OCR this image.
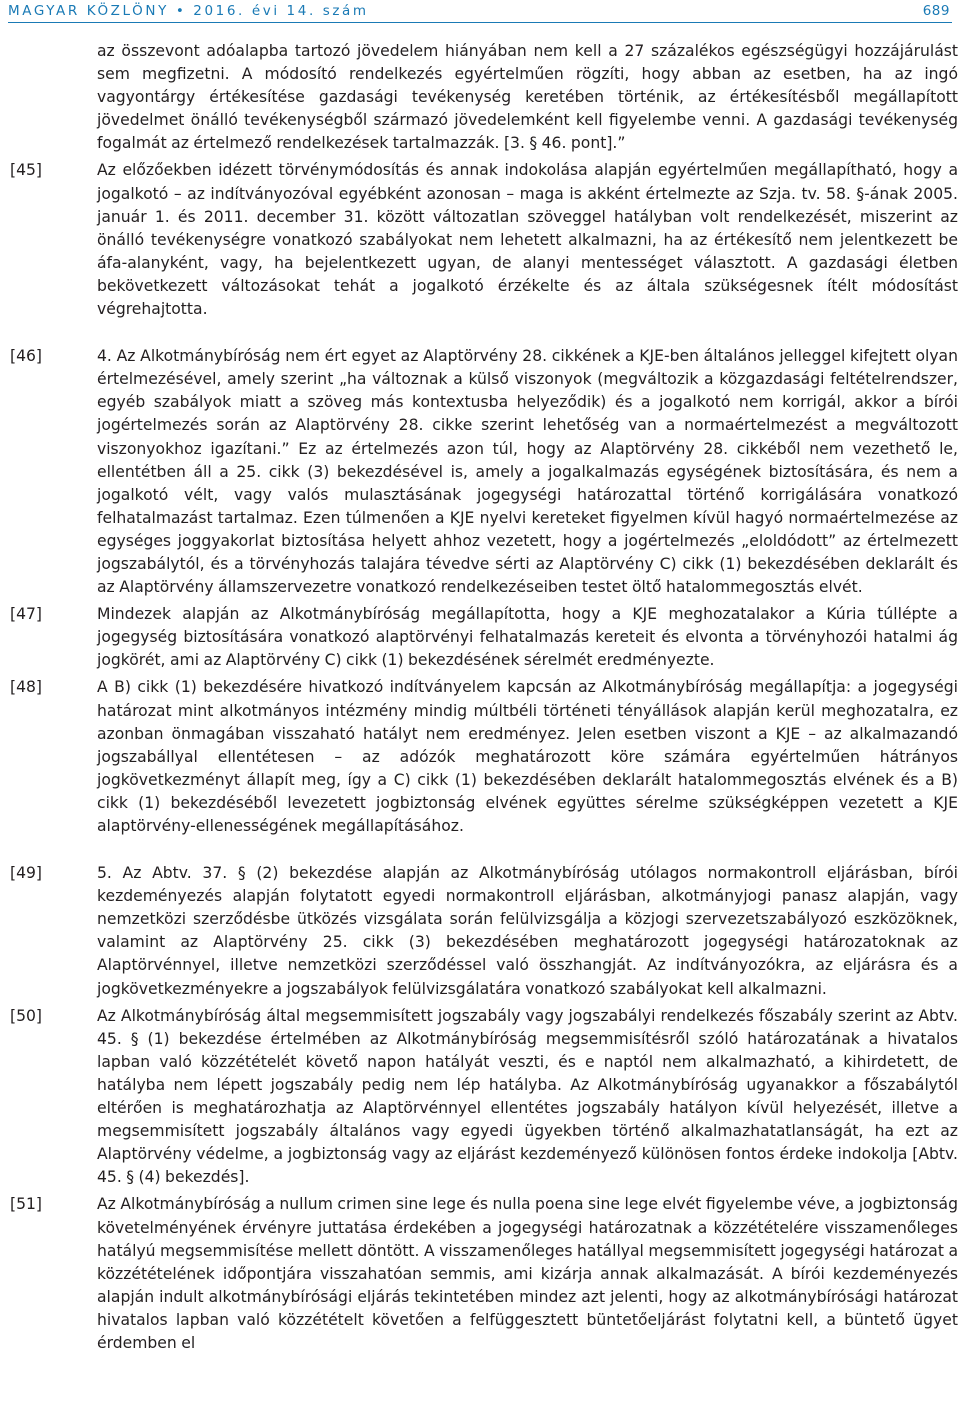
MAGYAR KÖZLÖNY • 2016. évi 14. szám	689
az összevont adóalapba tartozó jövedelem hiányában nem kell a 27 százalékos egészségügyi hozzájárulást sem megfizetni. A módosító rendelkezés egyértelműen rögzíti, hogy abban az esetben, ha az ingó vagyontárgy értékesítése gazdasági tevékenység keretében történik, az értékesítésből megállapított jövedelmet önálló tevékenységből származó jövedelemként kell figyelembe venni. A gazdasági tevékenység fogalmát az értelmező rendelkezések tartalmazzák. [3. § 46. pont].”
[45]	Az előzőekben idézett törvénymódosítás és annak indokolása alapján egyértelműen megállapítható, hogy a jogalkotó – az indítványozóval egyébként azonosan – maga is akként értelmezte az Szja. tv. 58. §-ának 2005. január 1. és 2011. december 31. között változatlan szöveggel hatályban volt rendelkezését, miszerint az önálló tevékenységre vonatkozó szabályokat nem lehetett alkalmazni, ha az értékesítő nem jelentkezett be áfa-alanyként, vagy, ha bejelentkezett ugyan, de alanyi mentességet választott. A gazdasági életben bekövetkezett változásokat tehát a jogalkotó érzékelte és az általa szükségesnek ítélt módosítást végrehajtotta.
[46]	4. Az Alkotmánybíróság nem ért egyet az Alaptörvény 28. cikkének a KJE-ben általános jelleggel kifejtett olyan értelmezésével, amely szerint „ha változnak a külső viszonyok (megváltozik a közgazdasági feltételrendszer, egyéb szabályok miatt a szöveg más kontextusba helyeződik) és a jogalkotó nem korrigál, akkor a bírói jogértelmezés során az Alaptörvény 28. cikke szerint lehetőség van a normaértelmezést a megváltozott viszonyokhoz igazítani.” Ez az értelmezés azon túl, hogy az Alaptörvény 28. cikkéből nem vezethető le, ellentétben áll a 25. cikk (3) bekezdésével is, amely a jogalkalmazás egységének biztosítására, és nem a jogalkotó vélt, vagy valós mulasztásának jogegységi határozattal történő korrigálására vonatkozó felhatalmazást tartalmaz. Ezen túlmenően a KJE nyelvi kereteket figyelmen kívül hagyó normaértelmezése az egységes joggyakorlat biztosítása helyett ahhoz vezetett, hogy a jogértelmezés „eloldódott” az értelmezett jogszabálytól, és a törvényhozás talajára tévedve sérti az Alaptörvény C) cikk (1) bekezdésében deklarált és az Alaptörvény államszervezetre vonatkozó rendelkezéseiben testet öltő hatalommegosztás elvét.
[47]	Mindezek alapján az Alkotmánybíróság megállapította, hogy a KJE meghozatalakor a Kúria túllépte a jogegység biztosítására vonatkozó alaptörvényi felhatalmazás kereteit és elvonta a törvényhozói hatalmi ág jogkörét, ami az Alaptörvény C) cikk (1) bekezdésének sérelmét eredményezte.
[48]	A B) cikk (1) bekezdésére hivatkozó indítványelem kapcsán az Alkotmánybíróság megállapítja: a jogegységi határozat mint alkotmányos intézmény mindig múltbéli történeti tényállások alapján kerül meghozatalra, ez azonban önmagában visszaható hatályt nem eredményez. Jelen esetben viszont a KJE – az alkalmazandó jogszabállyal ellentétesen – az adózók meghatározott köre számára egyértelműen hátrányos jogkövetkezményt állapít meg, így a C) cikk (1) bekezdésében deklarált hatalommegosztás elvének és a B) cikk (1) bekezdéséből levezetett jogbiztonság elvének együttes sérelme szükségképpen vezetett a KJE alaptörvény-ellenességének megállapításához.
[49]	5. Az Abtv. 37. § (2) bekezdése alapján az Alkotmánybíróság utólagos normakontroll eljárásban, bírói kezdeményezés alapján folytatott egyedi normakontroll eljárásban, alkotmányjogi panasz alapján, vagy nemzetközi szerződésbe ütközés vizsgálata során felülvizsgálja a közjogi szervezetszabályozó eszközöknek, valamint az Alaptörvény 25. cikk (3) bekezdésében meghatározott jogegységi határozatoknak az Alaptörvénnyel, illetve nemzetközi szerződéssel való összhangját. Az indítványozókra, az eljárásra és a jogkövetkezményekre a jogszabályok felülvizsgálatára vonatkozó szabályokat kell alkalmazni.
[50]	Az Alkotmánybíróság által megsemmisített jogszabály vagy jogszabályi rendelkezés főszabály szerint az Abtv. 45. § (1) bekezdése értelmében az Alkotmánybíróság megsemmisítésről szóló határozatának a hivatalos lapban való közzétételét követő napon hatályát veszti, és e naptól nem alkalmazható, a kihirdetett, de hatályba nem lépett jogszabály pedig nem lép hatályba. Az Alkotmánybíróság ugyanakkor a főszabálytól eltérően is meghatározhatja az Alaptörvénnyel ellentétes jogszabály hatályon kívül helyezését, illetve a megsemmisített jogszabály általános vagy egyedi ügyekben történő alkalmazhatatlanságát, ha ezt az Alaptörvény védelme, a jogbiztonság vagy az eljárást kezdeményező különösen fontos érdeke indokolja [Abtv. 45. § (4) bekezdés].
[51]	Az Alkotmánybíróság a nullum crimen sine lege és nulla poena sine lege elvét figyelembe véve, a jogbiztonság követelményének érvényre juttatása érdekében a jogegységi határozatnak a közzétételére visszamenőleges hatályú megsemmisítése mellett döntött. A visszamenőleges hatállyal megsemmisített jogegységi határozat a közzétételének időpontjára visszahatóan semmis, ami kizárja annak alkalmazását. A bírói kezdeményezés alapján indult alkotmánybírósági eljárás tekintetében mindez azt jelenti, hogy az alkotmánybírósági határozat hivatalos lapban való közzétételt követően a felfüggesztett büntetőeljárást folytatni kell, a büntető ügyet érdemben el
